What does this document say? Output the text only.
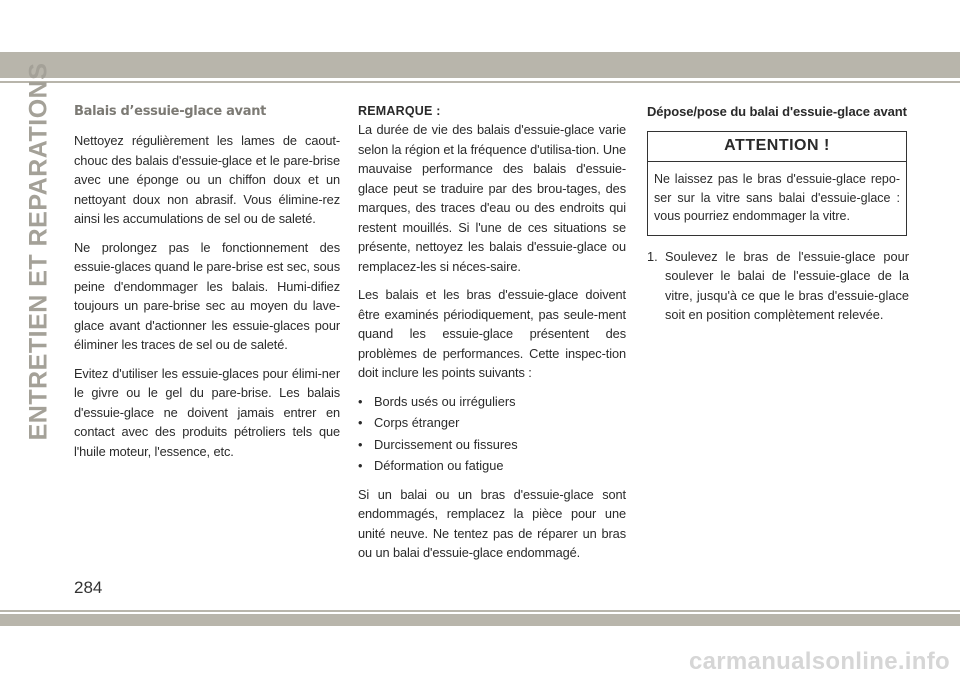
ENTRETIEN ET REPARATIONS Balais d’essuie-glace avant

Nettoyez régulièrement les lames de caout-chouc des balais d'essuie-glace et le pare-brise avec une éponge ou un chiffon doux et un nettoyant doux non abrasif. Vous élimine-rez ainsi les accumulations de sel ou de saleté.

Ne prolongez pas le fonctionnement des essuie-glaces quand le pare-brise est sec, sous peine d'endommager les balais. Humi-difiez toujours un pare-brise sec au moyen du lave-glace avant d'actionner les essuie-glaces pour éliminer les traces de sel ou de saleté.

Evitez d'utiliser les essuie-glaces pour élimi-ner le givre ou le gel du pare-brise. Les balais d'essuie-glace ne doivent jamais entrer en contact avec des produits pétroliers tels que l'huile moteur, l'essence, etc.

REMARQUE :

La durée de vie des balais d'essuie-glace varie selon la région et la fréquence d'utilisa-tion. Une mauvaise performance des balais d'essuie-glace peut se traduire par des brou-tages, des marques, des traces d'eau ou des endroits qui restent mouillés. Si l'une de ces situations se présente, nettoyez les balais d'essuie-glace ou remplacez-les si néces-saire.

Les balais et les bras d'essuie-glace doivent être examinés périodiquement, pas seule-ment quand les essuie-glace présentent des problèmes de performances. Cette inspec-tion doit inclure les points suivants :

• Bords usés ou irréguliers
• Corps étranger
• Durcissement ou fissures
• Déformation ou fatigue

Si un balai ou un bras d'essuie-glace sont endommagés, remplacez la pièce pour une unité neuve. Ne tentez pas de réparer un bras ou un balai d'essuie-glace endommagé.

Dépose/pose du balai d'essuie-glace avant
ATTENTION !
Ne laissez pas le bras d'essuie-glace repo-ser sur la vitre sans balai d'essuie-glace : vous pourriez endommager la vitre.
1. Soulevez le bras de l'essuie-glace pour soulever le balai de l'essuie-glace de la vitre, jusqu'à ce que le bras d'essuie-glace soit en position complètement relevée.
284
carmanualsonline.info
